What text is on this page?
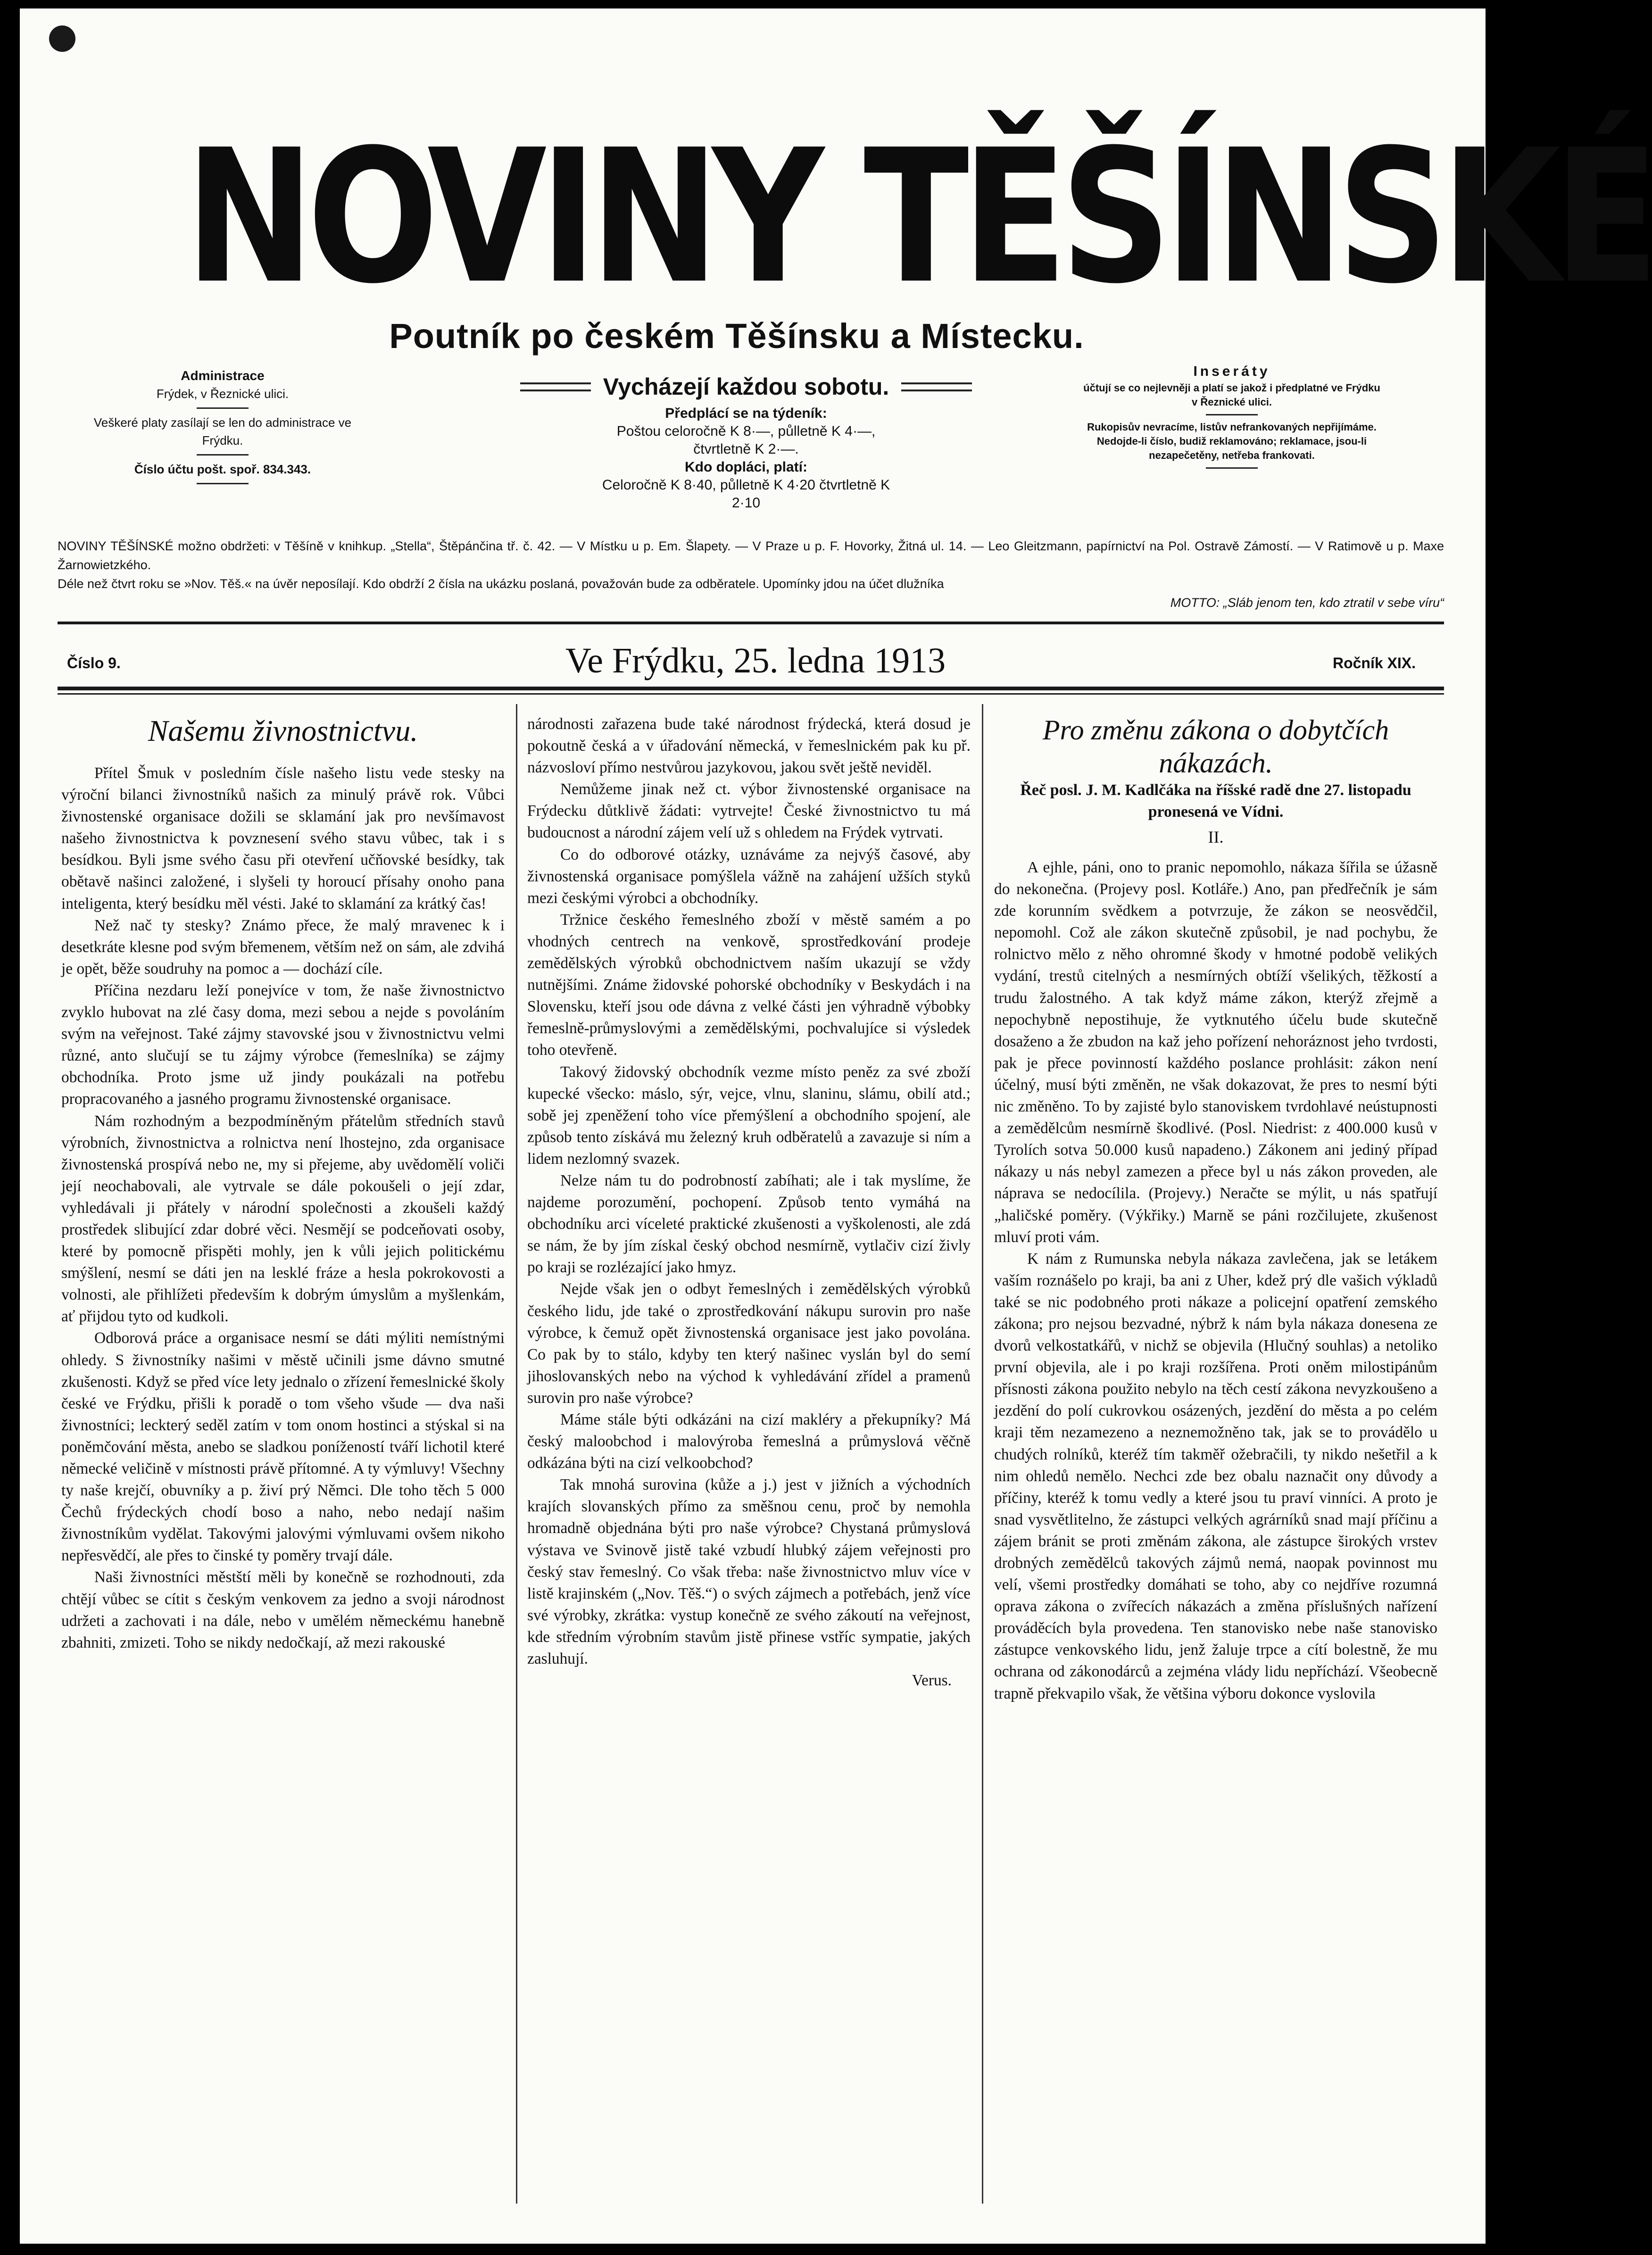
NOVINY TĚŠÍNSKÉ
Poutník po českém Těšínsku a Místecku.
Administrace
Frýdek, v Řeznické ulici.
Veškeré platy zasílají se len do administrace ve Frýdku.
Číslo účtu pošt. spoř. 834.343.
Vycházejí každou sobotu.
Předplácí se na týdeník:
Poštou celoročně K 8·—, půlletně K 4·—, čtvrtletně K 2·—.
Kdo dopláci, platí:
Celoročně K 8·40, půlletně K 4·20 čtvrtletně K 2·10
Inseráty
účtují se co nejlevněji a platí se jakož i předplatné ve Frýdku v Řeznické ulici.
Rukopisův nevracíme, listův nefrankovaných nepřijímáme. Nedojde-li číslo, budiž reklamováno; reklamace, jsou-li nezapečetěny, netřeba frankovati.
NOVINY TĚŠÍNSKÉ možno obdržeti: v Těšíně v knihkup. „Stella“, Štěpánčina tř. č. 42. — V Místku u p. Em. Šlapety. — V Praze u p. F. Hovorky, Žitná ul. 14. — Leo Gleitzmann, papírnictví na Pol. Ostravě Zámostí. — V Ratimově u p. Maxe Žarnowietzkého.
Déle než čtvrt roku se »Nov. Těš.« na úvěr neposílají. Kdo obdrží 2 čísla na ukázku poslaná, považován bude za odběratele. Upomínky jdou na účet dlužníka
MOTTO: „Sláb jenom ten, kdo ztratil v sebe víru“
Číslo 9.	Ve Frýdku, 25. ledna 1913	Ročník XIX.
Našemu živnostnictvu.

Přítel Šmuk v posledním čísle našeho listu vede stesky na výroční bilanci živnostníků našich za minulý právě rok. Vůbci živnostenské organisace dožili se sklamání jak pro nevšímavost našeho živnostnictva k povznesení svého stavu vůbec, tak i s besídkou. Byli jsme svého času při otevření učňovské besídky, tak obětavě našinci založené, i slyšeli ty horoucí přísahy onoho pana inteligenta, který besídku měl vésti. Jaké to sklamání za krátký čas!

Než nač ty stesky? Známo přece, že malý mravenec k i desetkráte klesne pod svým břemenem, větším než on sám, ale zdvihá je opět, běže soudruhy na pomoc a — dochází cíle.

Příčina nezdaru leží ponejvíce v tom, že naše živnostnictvo zvyklo hubovat na zlé časy doma, mezi sebou a nejde s povoláním svým na veřejnost. Také zájmy stavovské jsou v živnostnictvu velmi různé, anto slučují se tu zájmy výrobce (řemeslníka) se zájmy obchodníka. Proto jsme už jindy poukázali na potřebu propracovaného a jasného programu živnostenské organisace.

Nám rozhodným a bezpodmíněným přátelům středních stavů výrobních, živnostnictva a rolnictva není lhostejno, zda organisace živnostenská prospívá nebo ne, my si přejeme, aby uvědomělí voliči její neochabovali, ale vytrvale se dále pokoušeli o její zdar, vyhledávali ji přátely v národní společnosti a zkoušeli každý prostředek slibující zdar dobré věci. Nesmějí se podceňovati osoby, které by pomocně přispěti mohly, jen k vůli jejich politickému smýšlení, nesmí se dáti jen na lesklé fráze a hesla pokrokovosti a volnosti, ale přihlížeti především k dobrým úmyslům a myšlenkám, ať přijdou tyto od kudkoli.

Odborová práce a organisace nesmí se dáti mýliti nemístnými ohledy. S živnostníky našimi v městě učinili jsme dávno smutné zkušenosti. Když se před více lety jednalo o zřízení řemeslnické školy české ve Frýdku, přišli k poradě o tom všeho všude — dva naši živnostníci; leckterý seděl zatím v tom onom hostinci a stýskal si na poněmčování města, anebo se sladkou ponížeností tváří lichotil které německé veličině v místnosti právě přítomné. A ty výmluvy! Všechny ty naše krejčí, obuvníky a p. živí prý Němci. Dle toho těch 5 000 Čechů frýdeckých chodí boso a naho, nebo nedají našim živnostníkům vydělat. Takovými jalovými výmluvami ovšem nikoho nepřesvědčí, ale přes to činské ty poměry trvají dále.

Naši živnostníci městští měli by konečně se rozhodnouti, zda chtějí vůbec se cítit s českým venkovem za jedno a svoji národnost udržeti a zachovati i na dále, nebo v umělém německému hanebně zbahniti, zmizeti. Toho se nikdy nedočkají, až mezi rakouské

národnosti zařazena bude také národnost frýdecká, která dosud je pokoutně česká a v úřadování německá, v řemeslnickém pak ku př. názvosloví přímo nestvůrou jazykovou, jakou svět ještě neviděl.

Nemůžeme jinak než ct. výbor živnostenské organisace na Frýdecku důtklivě žádati: vytrvejte! České živnostnictvo tu má budoucnost a národní zájem velí už s ohledem na Frýdek vytrvati.

Co do odborové otázky, uznáváme za nejvýš časové, aby živnostenská organisace pomýšlela vážně na zahájení užších styků mezi českými výrobci a obchodníky.

Tržnice českého řemeslného zboží v městě samém a po vhodných centrech na venkově, sprostředkování prodeje zemědělských výrobků obchodnictvem naším ukazují se vždy nutnějšími. Známe židovské pohorské obchodníky v Beskydách i na Slovensku, kteří jsou ode dávna z velké části jen výhradně výbobky řemeslně-průmyslovými a zemědělskými, pochvalujíce si výsledek toho otevřeně.

Takový židovský obchodník vezme místo peněz za své zboží kupecké všecko: máslo, sýr, vejce, vlnu, slaninu, slámu, obilí atd.; sobě jej zpeněžení toho více přemýšlení a obchodního spojení, ale způsob tento získává mu železný kruh odběratelů a zavazuje si ním a lidem nezlomný svazek.

Nelze nám tu do podrobností zabíhati; ale i tak myslíme, že najdeme porozumění, pochopení. Způsob tento vymáhá na obchodníku arci víceleté praktické zkušenosti a vyškolenosti, ale zdá se nám, že by jím získal český obchod nesmírně, vytlačiv cizí živly po kraji se rozlézající jako hmyz.

Nejde však jen o odbyt řemeslných i zemědělských výrobků českého lidu, jde také o zprostředkování nákupu surovin pro naše výrobce, k čemuž opět živnostenská organisace jest jako povolána. Co pak by to stálo, kdyby ten který našinec vyslán byl do semí jihoslovanských nebo na východ k vyhledávání zřídel a pramenů surovin pro naše výrobce?

Máme stále býti odkázáni na cizí makléry a překupníky? Má český maloobchod i malovýroba řemeslná a průmyslová věčně odkázána býti na cizí velkoobchod?

Tak mnohá surovina (kůže a j.) jest v jižních a východních krajích slovanských přímo za směšnou cenu, proč by nemohla hromadně objednána býti pro naše výrobce? Chystaná průmyslová výstava ve Svinově jistě také vzbudí hlubký zájem veřejnosti pro český stav řemeslný. Co však třeba: naše živnostnictvo mluv více v listě krajinském („Nov. Těš.“) o svých zájmech a potřebách, jenž více své výrobky, zkrátka: vystup konečně ze svého zákoutí na veřejnost, kde středním výrobním stavům jistě přinese vstříc sympatie, jakých zasluhují.

Verus.

Pro změnu zákona o dobytčích nákazách.
Řeč posl. J. M. Kadlčáka na říšské radě dne 27. listopadu pronesená ve Vídni.
II.

A ejhle, páni, ono to pranic nepomohlo, nákaza šířila se úžasně do nekonečna. (Projevy posl. Kotláře.) Ano, pan předřečník je sám zde korunním svědkem a potvrzuje, že zákon se neosvědčil, nepomohl. Což ale zákon skutečně způsobil, je nad pochybu, že rolnictvo mělo z něho ohromné škody v hmotné podobě velikých vydání, trestů citelných a nesmírných obtíží všelikých, těžkostí a trudu žalostného. A tak když máme zákon, kterýž zřejmě a nepochybně nepostihuje, že vytknutého účelu bude skutečně dosaženo a že zbudon na kaž jeho pořízení nehoráznost jeho tvrdosti, pak je přece povinností každého poslance prohlásit: zákon není účelný, musí býti změněn, ne však dokazovat, že pres to nesmí býti nic změněno. To by zajisté bylo stanoviskem tvrdohlavé neústupnosti a zemědělcům nesmírně škodlivé. (Posl. Niedrist: z 400.000 kusů v Tyrolích sotva 50.000 kusů napadeno.) Zákonem ani jediný případ nákazy u nás nebyl zamezen a přece byl u nás zákon proveden, ale náprava se nedocílila. (Projevy.) Neračte se mýlit, u nás spatřují „haličské poměry. (Výkřiky.) Marně se páni rozčilujete, zkušenost mluví proti vám.

K nám z Rumunska nebyla nákaza zavlečena, jak se letákem vaším roznášelo po kraji, ba ani z Uher, kdež prý dle vašich výkladů také se nic podobného proti nákaze a policejní opatření zemského zákona; pro nejsou bezvadné, nýbrž k nám byla nákaza donesena ze dvorů velkostatkářů, v nichž se objevila (Hlučný souhlas) a netoliko první objevila, ale i po kraji rozšířena. Proti oněm milostipánům přísnosti zákona použito nebylo na těch cestí zákona nevyzkoušeno a jezdění do polí cukrovkou osázených, jezdění do města a po celém kraji těm nezamezeno a neznemožněno tak, jak se to provádělo u chudých rolníků, kteréž tím takměř ožebračili, ty nikdo nešetřil a k nim ohledů nemělo. Nechci zde bez obalu naznačit ony důvody a příčiny, kteréž k tomu vedly a které jsou tu praví vinníci. A proto je snad vysvětlitelno, že zástupci velkých agrárníků snad mají příčinu a zájem bránit se proti změnám zákona, ale zástupce širokých vrstev drobných zemědělců takových zájmů nemá, naopak povinnost mu velí, všemi prostředky domáhati se toho, aby co nejdříve rozumná oprava zákona o zvířecích nákazách a změna příslušných nařízení prováděcích byla provedena. Ten stanovisko nebe naše stanovisko zástupce venkovského lidu, jenž žaluje trpce a cítí bolestně, že mu ochrana od zákonodárců a zejména vlády lidu nepříchází. Všeobecně trapně překvapilo však, že většina výboru dokonce vyslovila
